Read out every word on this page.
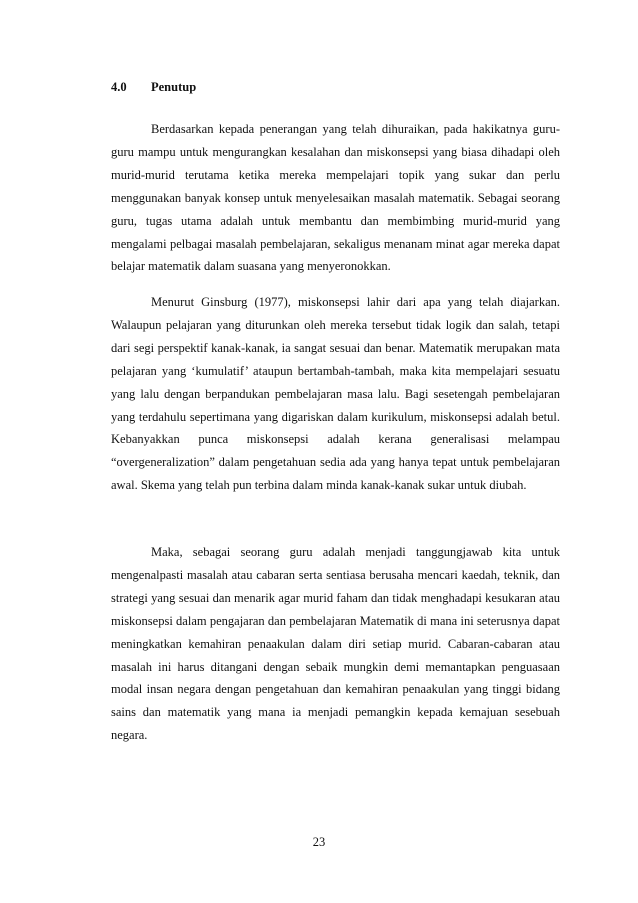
4.0 Penutup

Berdasarkan kepada penerangan yang telah dihuraikan, pada hakikatnya guru-guru mampu untuk mengurangkan kesalahan dan miskonsepsi yang biasa dihadapi oleh murid-murid terutama ketika mereka mempelajari topik yang sukar dan perlu menggunakan banyak konsep untuk menyelesaikan masalah matematik. Sebagai seorang guru, tugas utama adalah untuk membantu dan membimbing murid-murid yang mengalami pelbagai masalah pembelajaran, sekaligus menanam minat agar mereka dapat belajar matematik dalam suasana yang menyeronokkan.

Menurut Ginsburg (1977), miskonsepsi lahir dari apa yang telah diajarkan. Walaupun pelajaran yang diturunkan oleh mereka tersebut tidak logik dan salah, tetapi dari segi perspektif kanak-kanak, ia sangat sesuai dan benar. Matematik merupakan mata pelajaran yang ‘kumulatif’ ataupun bertambah-tambah, maka kita mempelajari sesuatu yang lalu dengan berpandukan pembelajaran masa lalu. Bagi sesetengah pembelajaran yang terdahulu sepertimana yang digariskan dalam kurikulum, miskonsepsi adalah betul. Kebanyakkan punca miskonsepsi adalah kerana generalisasi melampau “overgeneralization” dalam pengetahuan sedia ada yang hanya tepat untuk pembelajaran awal. Skema yang telah pun terbina dalam minda kanak-kanak sukar untuk diubah.

Maka, sebagai seorang guru adalah menjadi tanggungjawab kita untuk mengenalpasti masalah atau cabaran serta sentiasa berusaha mencari kaedah, teknik, dan strategi yang sesuai dan menarik agar murid faham dan tidak menghadapi kesukaran atau miskonsepsi dalam pengajaran dan pembelajaran Matematik di mana ini seterusnya dapat meningkatkan kemahiran penaakulan dalam diri setiap murid. Cabaran-cabaran atau masalah ini harus ditangani dengan sebaik mungkin demi memantapkan penguasaan modal insan negara dengan pengetahuan dan kemahiran penaakulan yang tinggi bidang sains dan matematik yang mana ia menjadi pemangkin kepada kemajuan sesebuah negara.

23
